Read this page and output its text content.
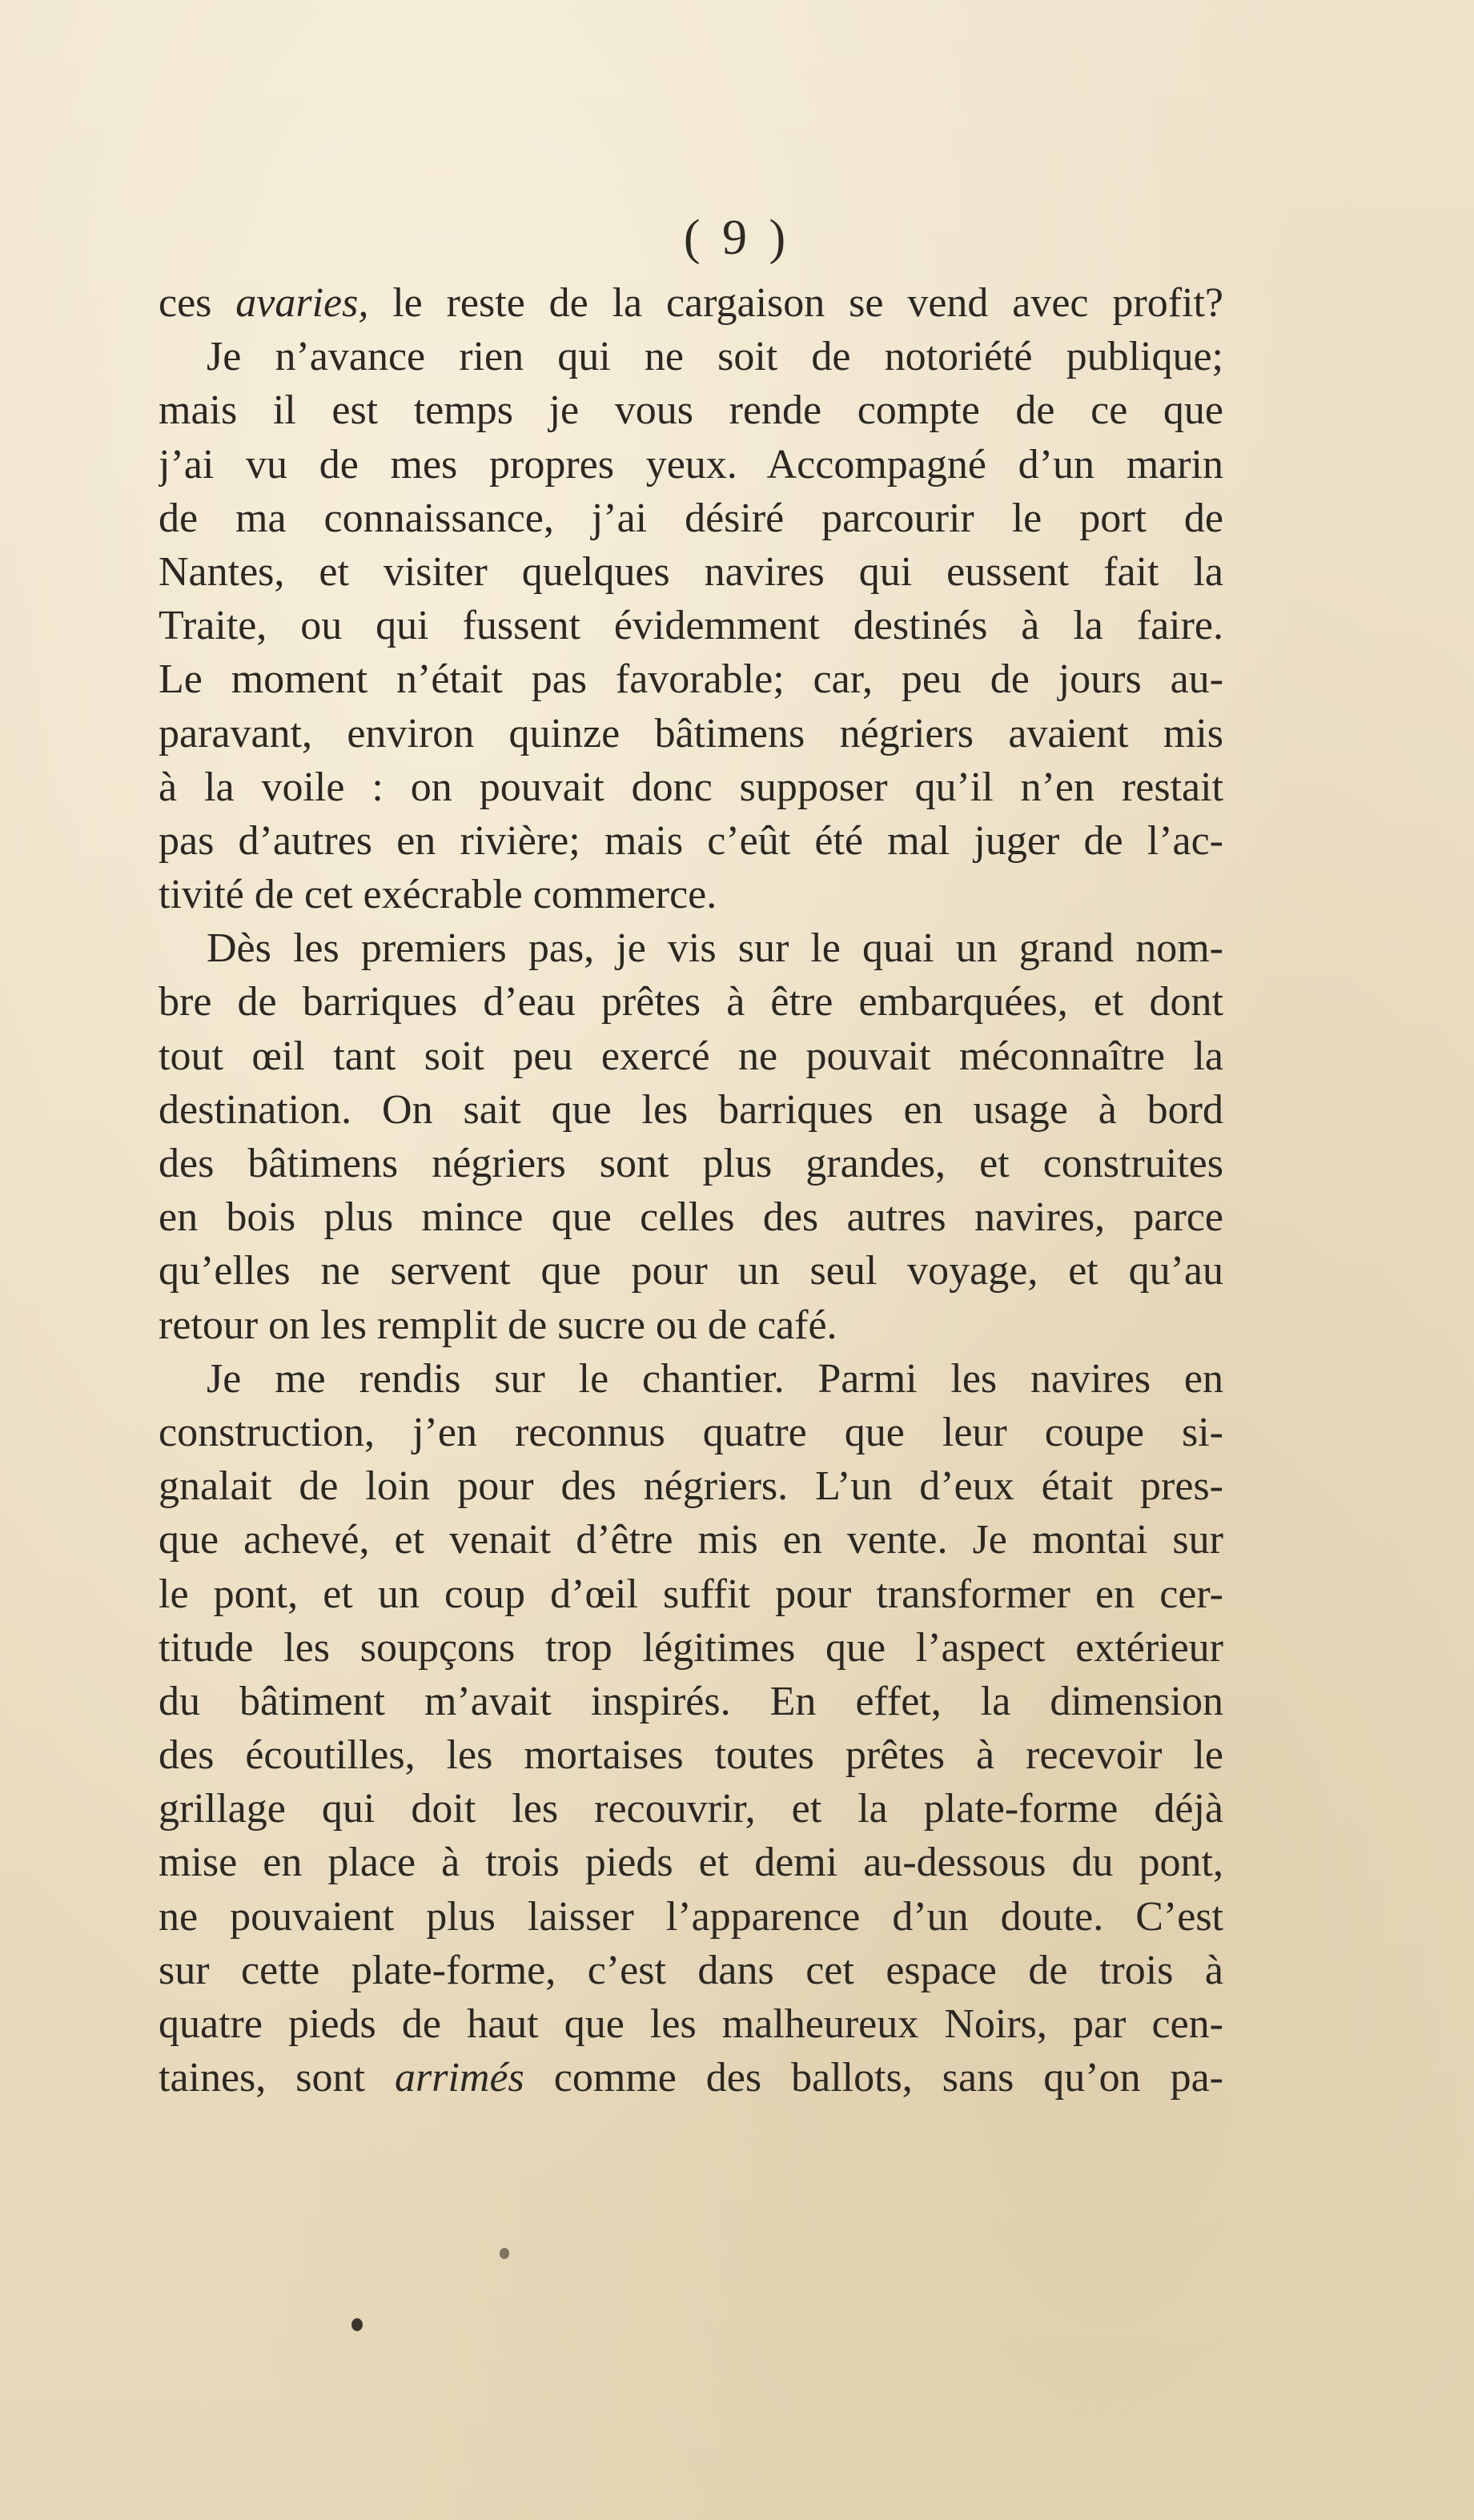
( 9 )
ces avaries, le reste de la cargaison se vend avec profit?
Je n’avance rien qui ne soit de notoriété publique;
mais il est temps je vous rende compte de ce que
j’ai vu de mes propres yeux. Accompagné d’un marin
de ma connaissance, j’ai désiré parcourir le port de
Nantes, et visiter quelques navires qui eussent fait la
Traite, ou qui fussent évidemment destinés à la faire.
Le moment n’était pas favorable; car, peu de jours au-
paravant, environ quinze bâtimens négriers avaient mis
à la voile : on pouvait donc supposer qu’il n’en restait
pas d’autres en rivière; mais c’eût été mal juger de l’ac-
tivité de cet exécrable commerce.
Dès les premiers pas, je vis sur le quai un grand nom-
bre de barriques d’eau prêtes à être embarquées, et dont
tout œil tant soit peu exercé ne pouvait méconnaître la
destination. On sait que les barriques en usage à bord
des bâtimens négriers sont plus grandes, et construites
en bois plus mince que celles des autres navires, parce
qu’elles ne servent que pour un seul voyage, et qu’au
retour on les remplit de sucre ou de café.
Je me rendis sur le chantier. Parmi les navires en
construction, j’en reconnus quatre que leur coupe si-
gnalait de loin pour des négriers. L’un d’eux était pres-
que achevé, et venait d’être mis en vente. Je montai sur
le pont, et un coup d’œil suffit pour transformer en cer-
titude les soupçons trop légitimes que l’aspect extérieur
du bâtiment m’avait inspirés. En effet, la dimension
des écoutilles, les mortaises toutes prêtes à recevoir le
grillage qui doit les recouvrir, et la plate-forme déjà
mise en place à trois pieds et demi au-dessous du pont,
ne pouvaient plus laisser l’apparence d’un doute. C’est
sur cette plate-forme, c’est dans cet espace de trois à
quatre pieds de haut que les malheureux Noirs, par cen-
taines, sont arrimés comme des ballots, sans qu’on pa-
